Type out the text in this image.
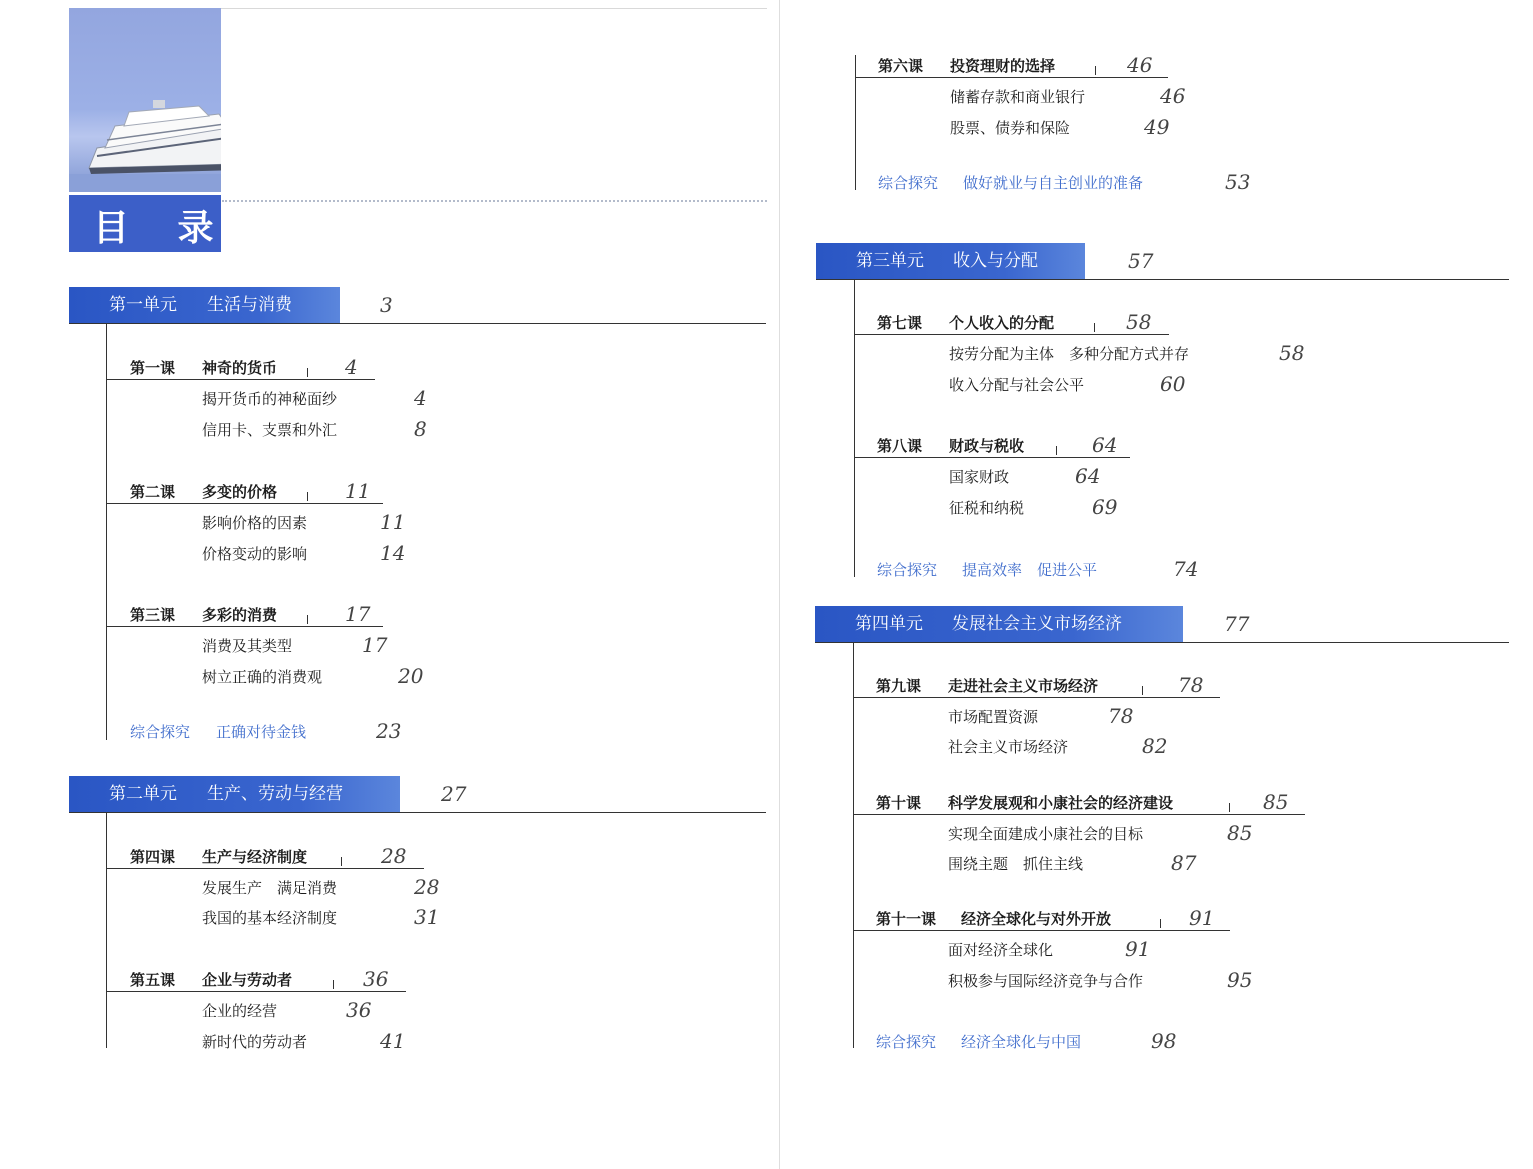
目 录
第一单元 生活与消费	3
第一课 神奇的货币	4
揭开货币的神秘面纱	4
信用卡、支票和外汇	8
第二课 多变的价格	11
影响价格的因素	11
价格变动的影响	14
第三课 多彩的消费	17
消费及其类型	17
树立正确的消费观	20
综合探究 正确对待金钱	23
第二单元 生产、劳动与经营	27
第四课 生产与经济制度	28
发展生产　满足消费	28
我国的基本经济制度	31
第五课 企业与劳动者	36
企业的经营	36
新时代的劳动者	41
第六课 投资理财的选择	46
储蓄存款和商业银行	46
股票、债券和保险	49
综合探究 做好就业与自主创业的准备	53
第三单元 收入与分配	57
第七课 个人收入的分配	58
按劳分配为主体　多种分配方式并存	58
收入分配与社会公平	60
第八课 财政与税收	64
国家财政	64
征税和纳税	69
综合探究 提高效率　促进公平	74
第四单元 发展社会主义市场经济	77
第九课 走进社会主义市场经济	78
市场配置资源	78
社会主义市场经济	82
第十课 科学发展观和小康社会的经济建设	85
实现全面建成小康社会的目标	85
围绕主题　抓住主线	87
第十一课 经济全球化与对外开放	91
面对经济全球化	91
积极参与国际经济竞争与合作	95
综合探究 经济全球化与中国	98
